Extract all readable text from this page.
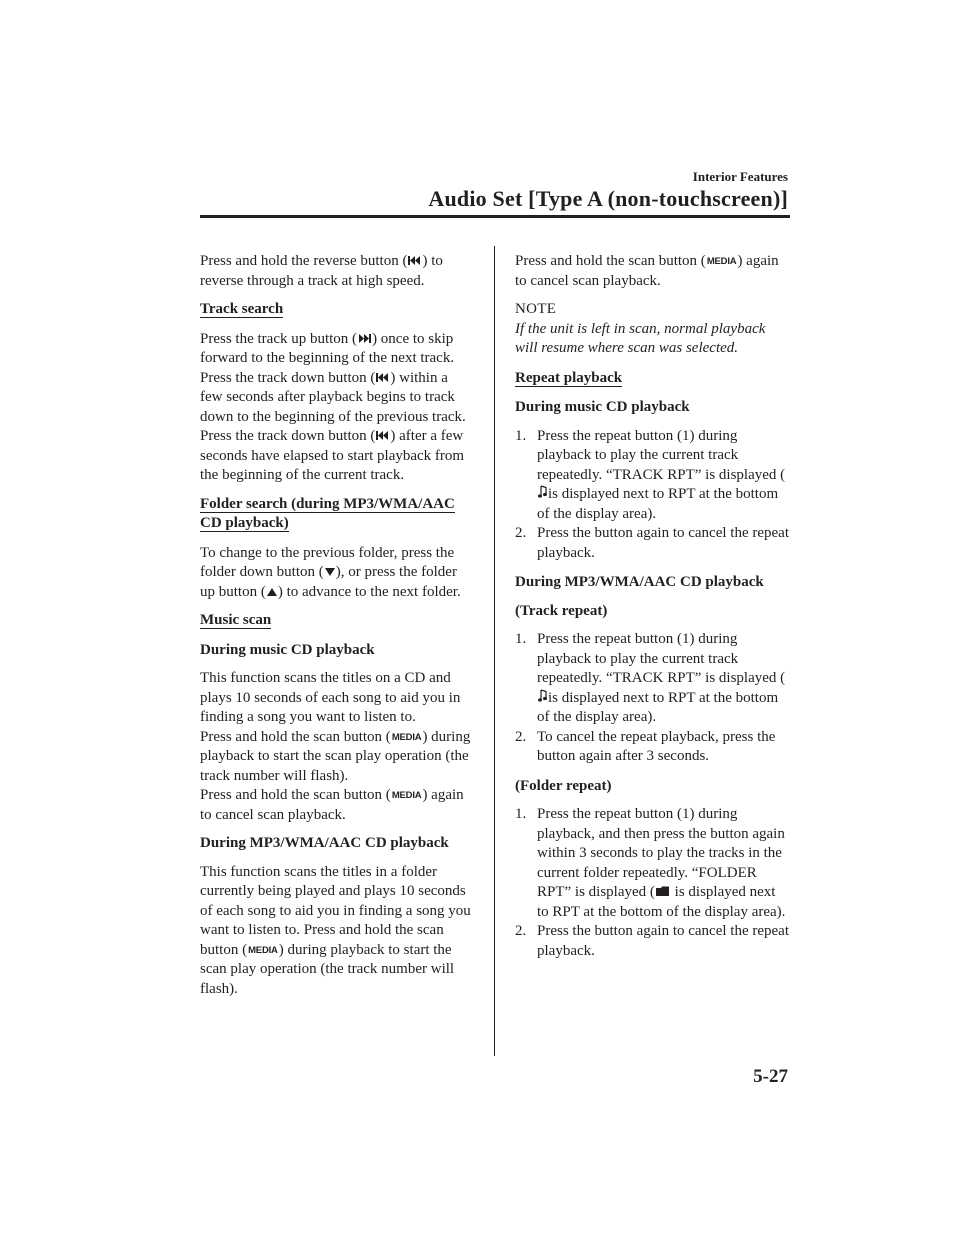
Interior Features
Audio Set [Type A (non-touchscreen)]

Press and hold the reverse button ( ) to reverse through a track at high speed.

Track search

Press the track up button ( ) once to skip forward to the beginning of the next track.

Press the track down button ( ) within a few seconds after playback begins to track down to the beginning of the previous track.

Press the track down button ( ) after a few seconds have elapsed to start playback from the beginning of the current track.

Folder search (during MP3/WMA/AAC CD playback)

To change to the previous folder, press the folder down button ( ), or press the folder up button ( ) to advance to the next folder.

Music scan
During music CD playback

This function scans the titles on a CD and plays 10 seconds of each song to aid you in finding a song you want to listen to.

Press and hold the scan button (MEDIA) during playback to start the scan play operation (the track number will flash).

Press and hold the scan button (MEDIA) again to cancel scan playback.

During MP3/WMA/AAC CD playback

This function scans the titles in a folder currently being played and plays 10 seconds of each song to aid you in finding a song you want to listen to. Press and hold the scan button (MEDIA) during playback to start the scan play operation (the track number will flash).

Press and hold the scan button (MEDIA) again to cancel scan playback.

NOTE

If the unit is left in scan, normal playback will resume where scan was selected.

Repeat playback
During music CD playback
1. Press the repeat button (1) during playback to play the current track repeatedly. “TRACK RPT” is displayed (is displayed next to RPT at the bottom of the display area).
2. Press the button again to cancel the repeat playback.
During MP3/WMA/AAC CD playback
(Track repeat)
1. Press the repeat button (1) during playback to play the current track repeatedly. “TRACK RPT” is displayed (is displayed next to RPT at the bottom of the display area).
2. To cancel the repeat playback, press the button again after 3 seconds.
(Folder repeat)
1. Press the repeat button (1) during playback, and then press the button again within 3 seconds to play the tracks in the current folder repeatedly. “FOLDER RPT” is displayed ( is displayed next to RPT at the bottom of the display area).
2. Press the button again to cancel the repeat playback.
5-27
